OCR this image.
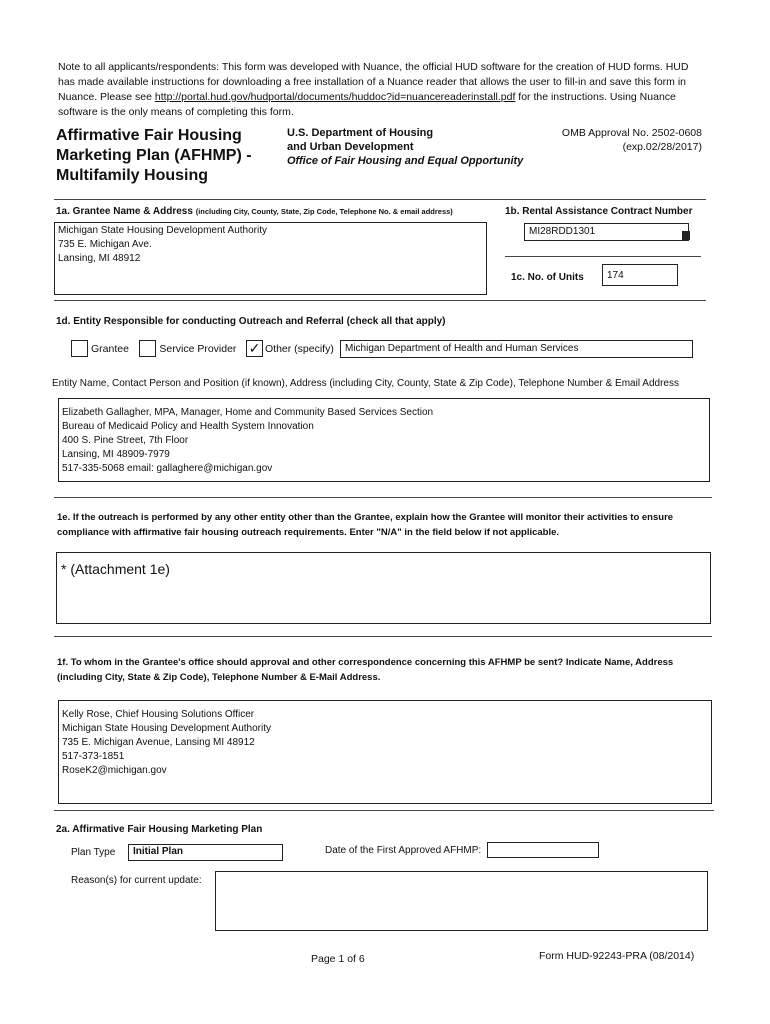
Note to all applicants/respondents: This form was developed with Nuance, the official HUD software for the creation of HUD forms. HUD has made available instructions for downloading a free installation of a Nuance reader that allows the user to fill-in and save this form in Nuance. Please see http://portal.hud.gov/hudportal/documents/huddoc?id=nuancereaderinstall.pdf for the instructions. Using Nuance software is the only means of completing this form.
Affirmative Fair Housing
Marketing Plan (AFHMP) -
Multifamily Housing
U.S. Department of Housing
and Urban Development
Office of Fair Housing and Equal Opportunity
OMB Approval No. 2502-0608
(exp.02/28/2017)
1a. Grantee Name & Address (including City, County, State, Zip Code, Telephone No. & email address)	1b. Rental Assistance Contract Number
Michigan State Housing Development Authority
735 E. Michigan Ave.
Lansing, MI 48912
MI28RDD1301
1c. No. of Units	174
1d. Entity Responsible for conducting Outreach and Referral (check all that apply)
Grantee	Service Provider ✓ Other (specify)	Michigan Department of Health and Human Services
Entity Name, Contact Person and Position (if known), Address (including City, County, State & Zip Code), Telephone Number & Email Address
Elizabeth Gallagher, MPA, Manager, Home and Community Based Services Section
Bureau of Medicaid Policy and Health System Innovation
400 S. Pine Street, 7th Floor
Lansing, MI 48909-7979
517-335-5068 email: gallaghere@michigan.gov
1e. If the outreach is performed by any other entity other than the Grantee, explain how the Grantee will monitor their activities to ensure compliance with affirmative fair housing outreach requirements. Enter "N/A" in the field below if not applicable.
* (Attachment 1e)
1f. To whom in the Grantee's office should approval and other correspondence concerning this AFHMP be sent? Indicate Name, Address (including City, State & Zip Code), Telephone Number & E-Mail Address.
Kelly Rose, Chief Housing Solutions Officer
Michigan State Housing Development Authority
735 E. Michigan Avenue, Lansing MI 48912
517-373-1851
RoseK2@michigan.gov
2a. Affirmative Fair Housing Marketing Plan
Plan Type	Initial Plan	Date of the First Approved AFHMP:
Reason(s) for current update:
Page 1 of 6	Form HUD-92243-PRA (08/2014)
